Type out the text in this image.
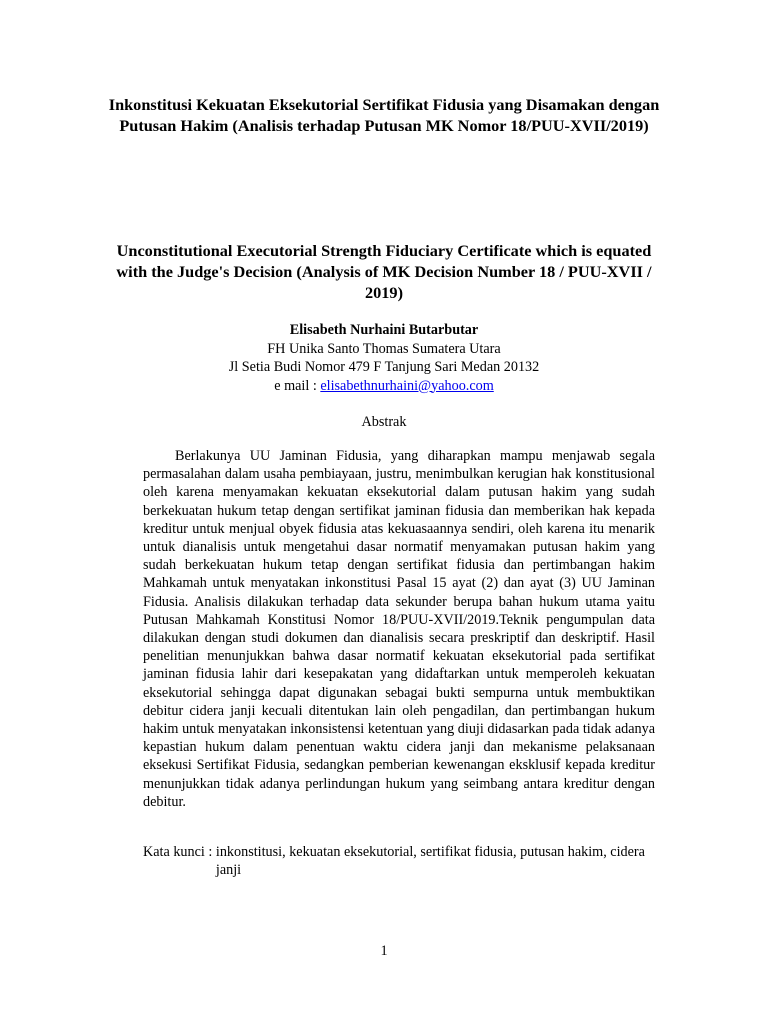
Inkonstitusi Kekuatan Eksekutorial Sertifikat Fidusia yang Disamakan dengan Putusan Hakim (Analisis terhadap Putusan MK Nomor 18/PUU-XVII/2019)
Unconstitutional Executorial Strength Fiduciary Certificate which is equated with the Judge's Decision (Analysis of MK Decision Number 18 / PUU-XVII / 2019)
Elisabeth Nurhaini Butarbutar
FH Unika Santo Thomas Sumatera Utara
Jl Setia Budi Nomor 479 F Tanjung Sari Medan 20132
e mail : elisabethnurhaini@yahoo.com
Abstrak

Berlakunya UU Jaminan Fidusia, yang diharapkan mampu menjawab segala permasalahan dalam usaha pembiayaan, justru, menimbulkan kerugian hak konstitusional oleh karena menyamakan kekuatan eksekutorial dalam putusan hakim yang sudah berkekuatan hukum tetap dengan sertifikat jaminan fidusia dan memberikan hak kepada kreditur untuk menjual obyek fidusia atas kekuasaannya sendiri, oleh karena itu menarik untuk dianalisis untuk mengetahui dasar normatif menyamakan putusan hakim yang sudah berkekuatan hukum tetap dengan sertifikat fidusia dan pertimbangan hakim Mahkamah untuk menyatakan inkonstitusi Pasal 15 ayat (2) dan ayat (3) UU Jaminan Fidusia. Analisis dilakukan terhadap data sekunder berupa bahan hukum utama yaitu Putusan Mahkamah Konstitusi Nomor 18/PUU-XVII/2019.Teknik pengumpulan data dilakukan dengan studi dokumen dan dianalisis secara preskriptif dan deskriptif. Hasil penelitian menunjukkan bahwa dasar normatif kekuatan eksekutorial pada sertifikat jaminan fidusia lahir dari kesepakatan yang didaftarkan untuk memperoleh kekuatan eksekutorial sehingga dapat digunakan sebagai bukti sempurna untuk membuktikan debitur cidera janji kecuali ditentukan lain oleh pengadilan, dan pertimbangan hukum hakim untuk menyatakan inkonsistensi ketentuan yang diuji didasarkan pada tidak adanya kepastian hukum dalam penentuan waktu cidera janji dan mekanisme pelaksanaan eksekusi Sertifikat Fidusia, sedangkan pemberian kewenangan eksklusif kepada kreditur menunjukkan tidak adanya perlindungan hukum yang seimbang antara kreditur dengan debitur.

Kata kunci : inkonstitusi, kekuatan eksekutorial, sertifikat fidusia, putusan hakim, cidera janji
1
